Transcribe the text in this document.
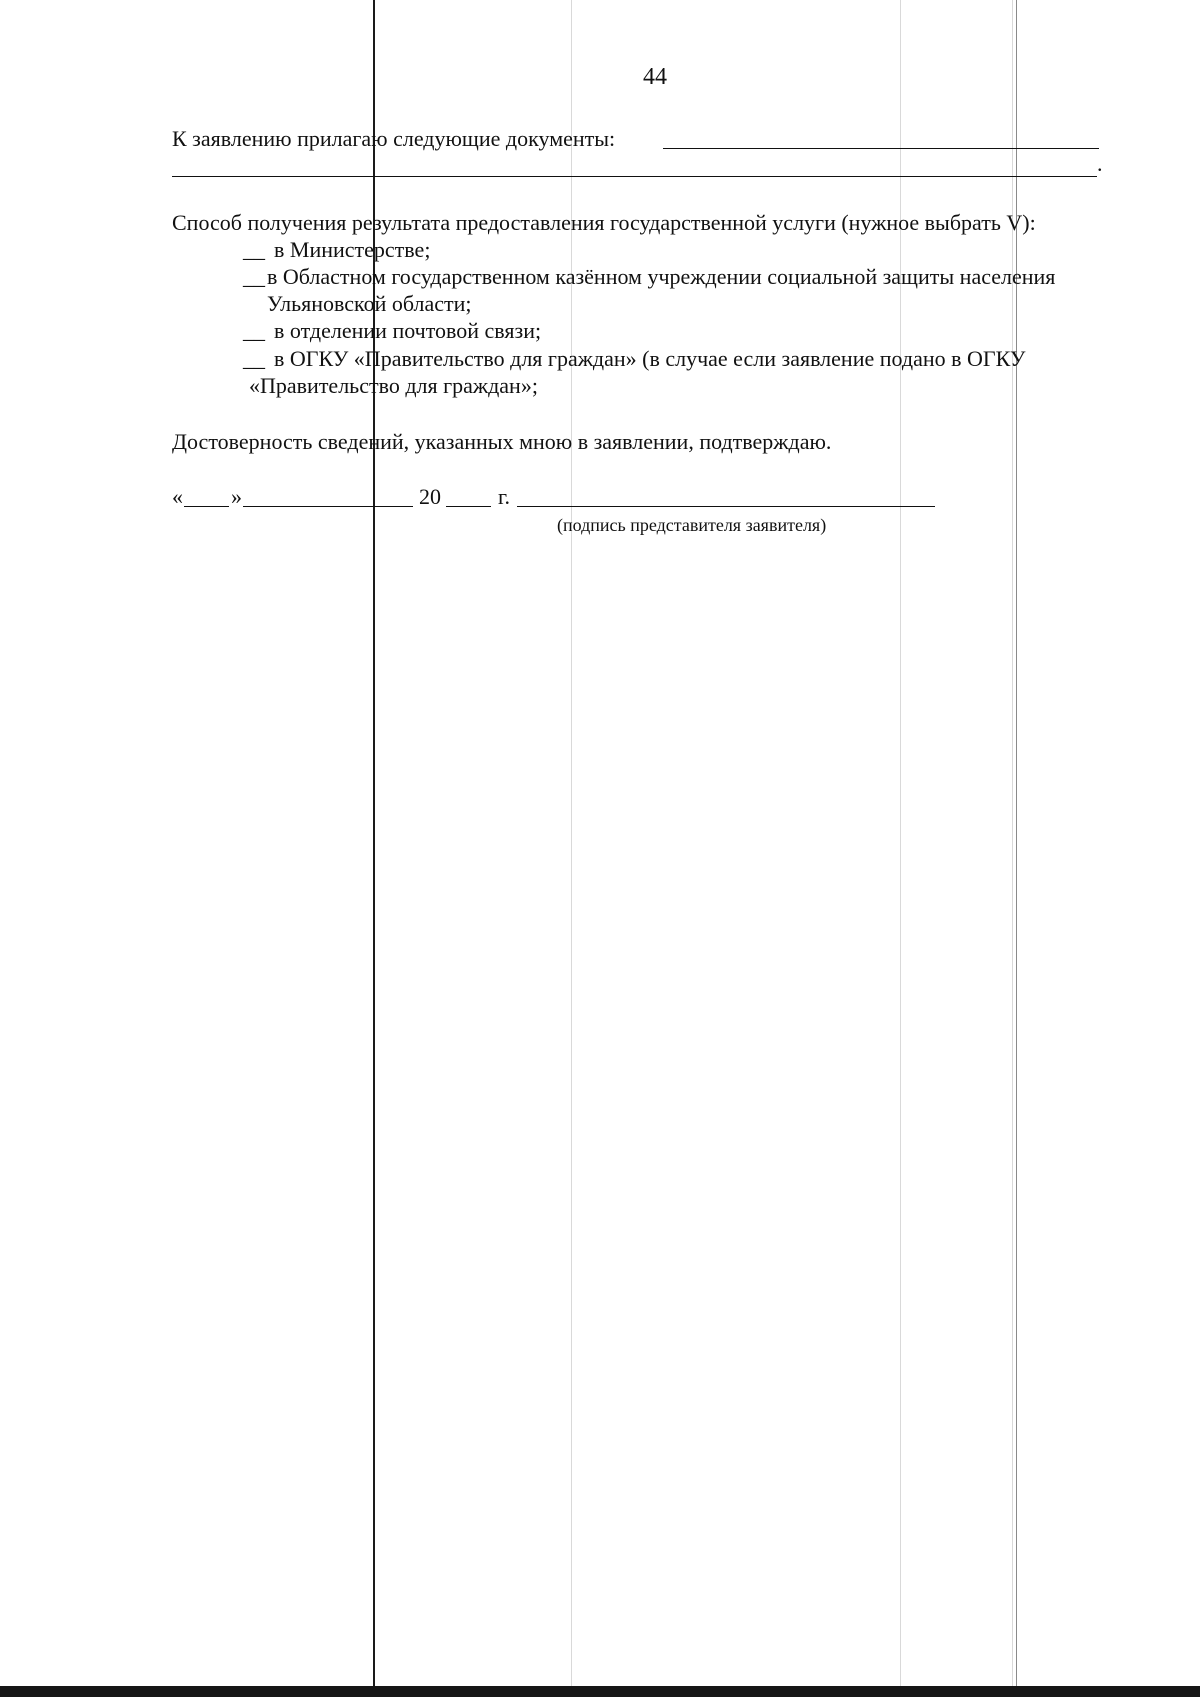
44
К заявлению прилагаю следующие документы:
.
Способ получения результата предоставления государственной услуги (нужное выбрать V):
__ в Министерстве;
__ в Областном государственном казённом учреждении социальной защиты населения
Ульяновской области;
__ в отделении почтовой связи;
__ в ОГКУ «Правительство для граждан» (в случае если заявление подано в ОГКУ
«Правительство для граждан»;
Достоверность сведений, указанных мною в заявлении, подтверждаю.
« »	20	г.
(подпись представителя заявителя)
